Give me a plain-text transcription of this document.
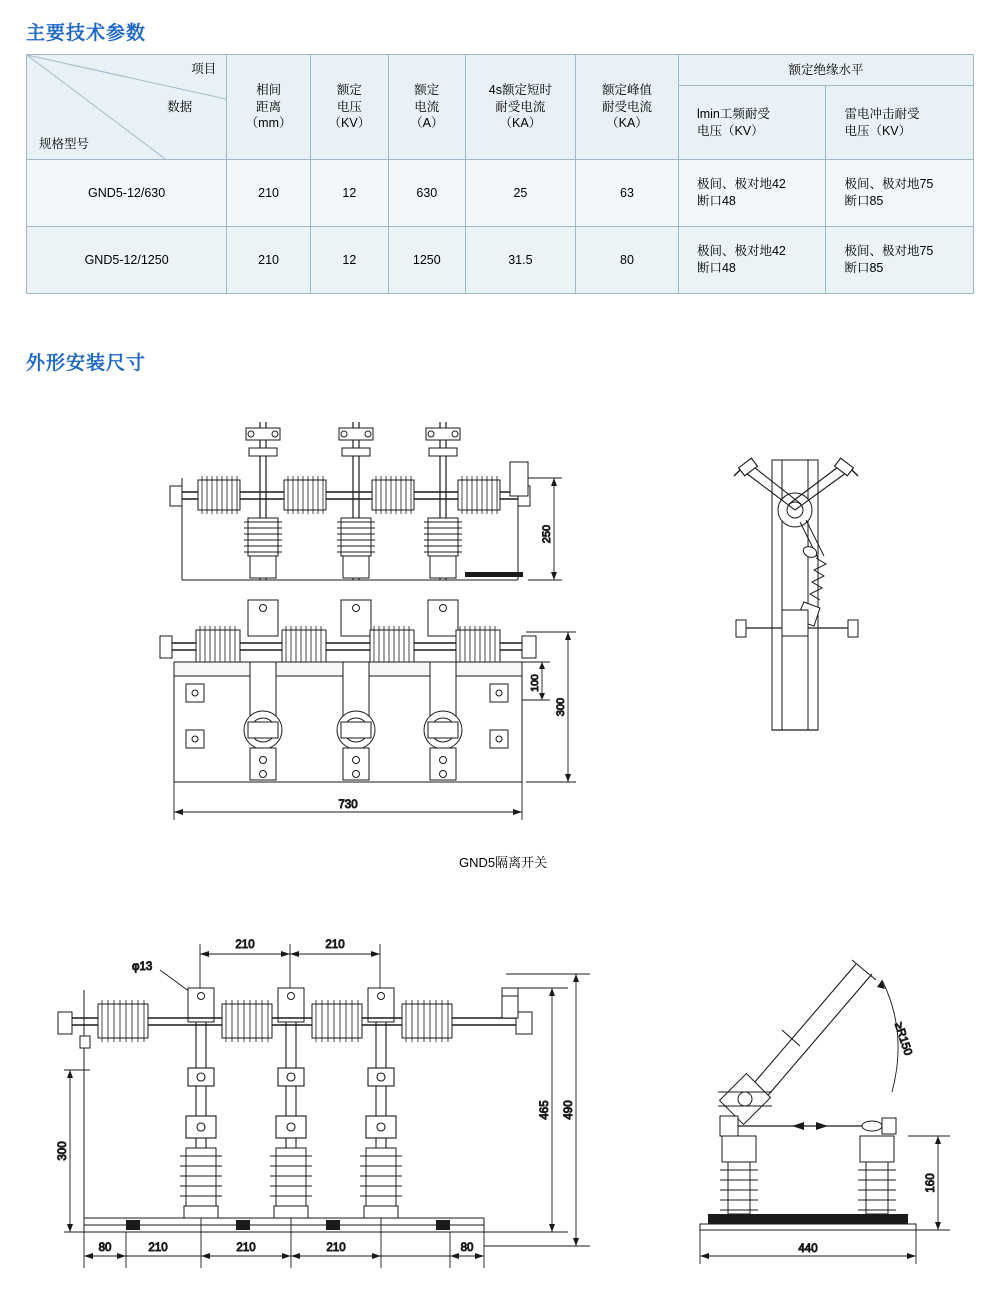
主要技术参数
外形安装尺寸
项目
数据
规格型号

相间
距离
（mm）

额定
电压
（KV）

额定
电流
（A）

4s额定短时
耐受电流
（KA）

额定峰值
耐受电流
（KA）
	额定绝缘水平

lmin工频耐受
电压（KV）

雷电冲击耐受
电压（KV）

GND5-12/630	210	12	630	25	63	
极间、极对地42
断口48

极间、极对地75
断口85

GND5-12/1250	210	12	1250	31.5	80	
极间、极对地42
断口48

极间、极对地75
断口85
250
100
300
730
GND5隔离开关
210	210
φ13
300
465 490
80	210	210	210	80
≥R150
160
440
